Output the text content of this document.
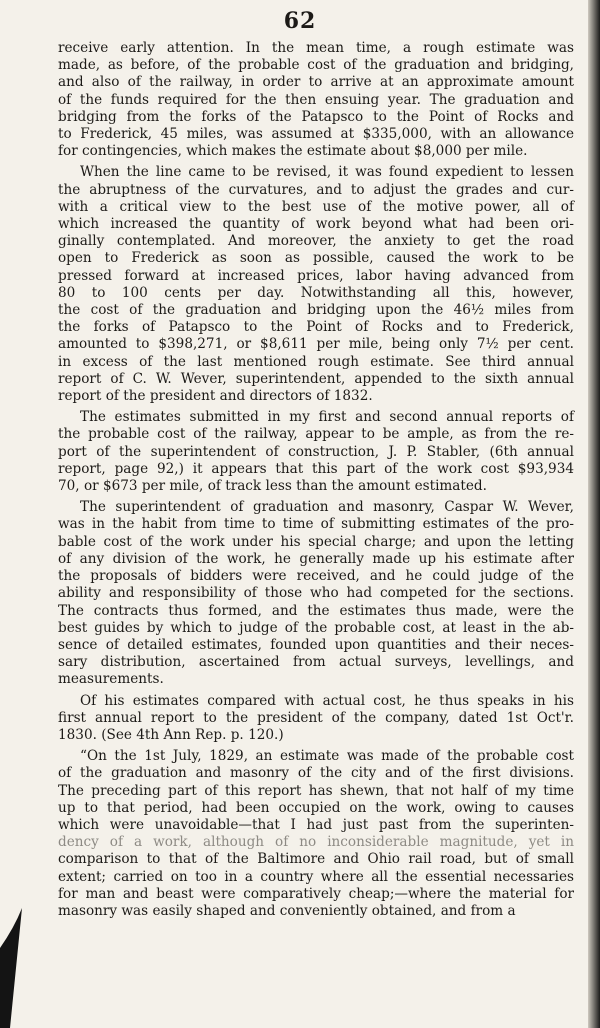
62
receive early attention. In the mean time, a rough estimate was
made, as before, of the probable cost of the graduation and bridging,
and also of the railway, in order to arrive at an approximate amount
of the funds required for the then ensuing year. The graduation and
bridging from the forks of the Patapsco to the Point of Rocks and
to Frederick, 45 miles, was assumed at $335,000, with an allowance
for contingencies, which makes the estimate about $8,000 per mile.
When the line came to be revised, it was found expedient to lessen
the abruptness of the curvatures, and to adjust the grades and cur-
with a critical view to the best use of the motive power, all of
which increased the quantity of work beyond what had been ori-
ginally contemplated. And moreover, the anxiety to get the road
open to Frederick as soon as possible, caused the work to be
pressed forward at increased prices, labor having advanced from
80 to 100 cents per day. Notwithstanding all this, however,
the cost of the graduation and bridging upon the 46½ miles from
the forks of Patapsco to the Point of Rocks and to Frederick,
amounted to $398,271, or $8,611 per mile, being only 7½ per cent.
in excess of the last mentioned rough estimate. See third annual
report of C. W. Wever, superintendent, appended to the sixth annual
report of the president and directors of 1832.
The estimates submitted in my first and second annual reports of
the probable cost of the railway, appear to be ample, as from the re-
port of the superintendent of construction, J. P. Stabler, (6th annual
report, page 92,) it appears that this part of the work cost $93,934
70, or $673 per mile, of track less than the amount estimated.
The superintendent of graduation and masonry, Caspar W. Wever,
was in the habit from time to time of submitting estimates of the pro-
bable cost of the work under his special charge; and upon the letting
of any division of the work, he generally made up his estimate after
the proposals of bidders were received, and he could judge of the
ability and responsibility of those who had competed for the sections.
The contracts thus formed, and the estimates thus made, were the
best guides by which to judge of the probable cost, at least in the ab-
sence of detailed estimates, founded upon quantities and their neces-
sary distribution, ascertained from actual surveys, levellings, and
measurements.
Of his estimates compared with actual cost, he thus speaks in his
first annual report to the president of the company, dated 1st Oct'r.
1830. (See 4th Ann Rep. p. 120.)
“On the 1st July, 1829, an estimate was made of the probable cost
of the graduation and masonry of the city and of the first divisions.
The preceding part of this report has shewn, that not half of my time
up to that period, had been occupied on the work, owing to causes
which were unavoidable—that I had just past from the superinten-
dency of a work, although of no inconsiderable magnitude, yet in
comparison to that of the Baltimore and Ohio rail road, but of small
extent; carried on too in a country where all the essential necessaries
for man and beast were comparatively cheap;—where the material for
masonry was easily shaped and conveniently obtained, and from a
